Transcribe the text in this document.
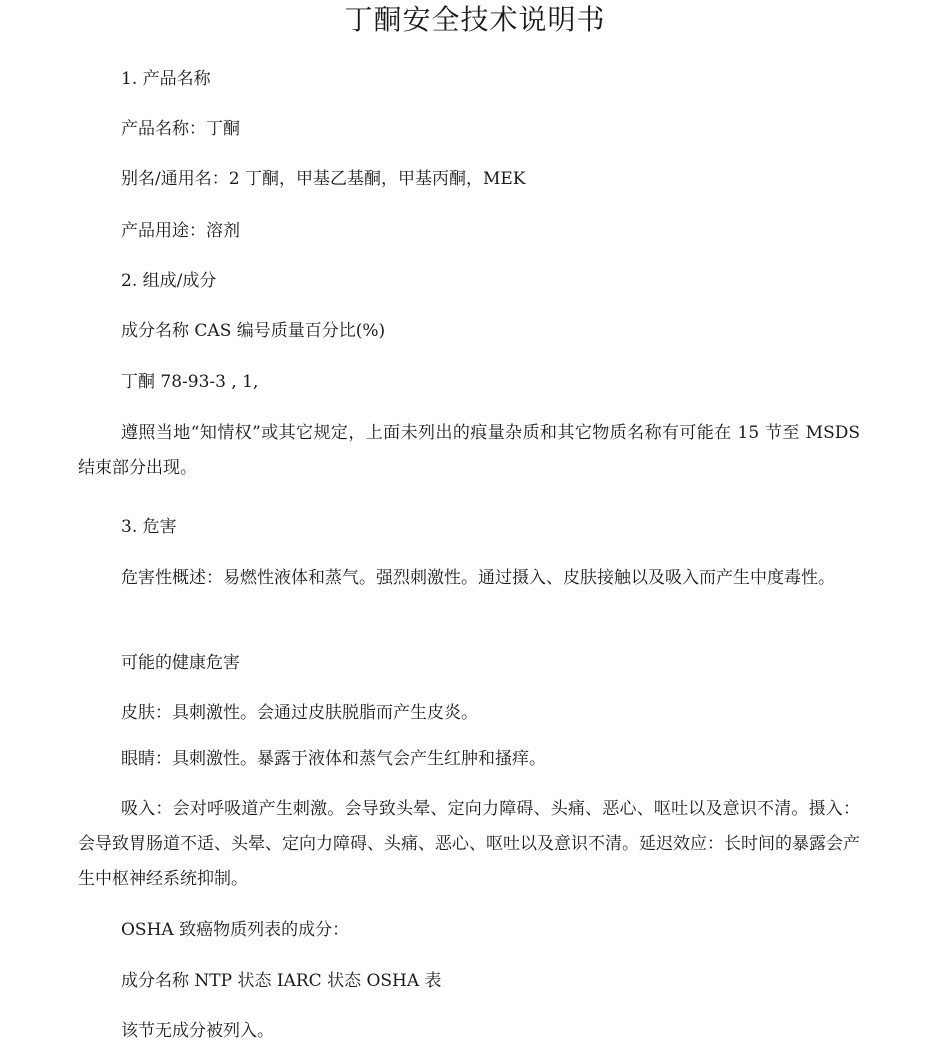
丁酮安全技术说明书
1. 产品名称
产品名称：丁酮
别名/通用名：2 丁酮，甲基乙基酮，甲基丙酮，MEK
产品用途：溶剂
2. 组成/成分
成分名称 CAS 编号质量百分比(%)
丁酮 78-93-3 , 1,
遵照当地“知情权”或其它规定，上面未列出的痕量杂质和其它物质名称有可能在 15 节至 MSDS 结束部分出现。
3. 危害
危害性概述：易燃性液体和蒸气。强烈刺激性。通过摄入、皮肤接触以及吸入而产生中度毒性。
可能的健康危害
皮肤：具刺激性。会通过皮肤脱脂而产生皮炎。
眼睛：具刺激性。暴露于液体和蒸气会产生红肿和搔痒。
吸入：会对呼吸道产生刺激。会导致头晕、定向力障碍、头痛、恶心、呕吐以及意识不清。摄入：会导致胃肠道不适、头晕、定向力障碍、头痛、恶心、呕吐以及意识不清。延迟效应：长时间的暴露会产生中枢神经系统抑制。
OSHA 致癌物质列表的成分：
成分名称 NTP 状态 IARC 状态 OSHA 表
该节无成分被列入。
